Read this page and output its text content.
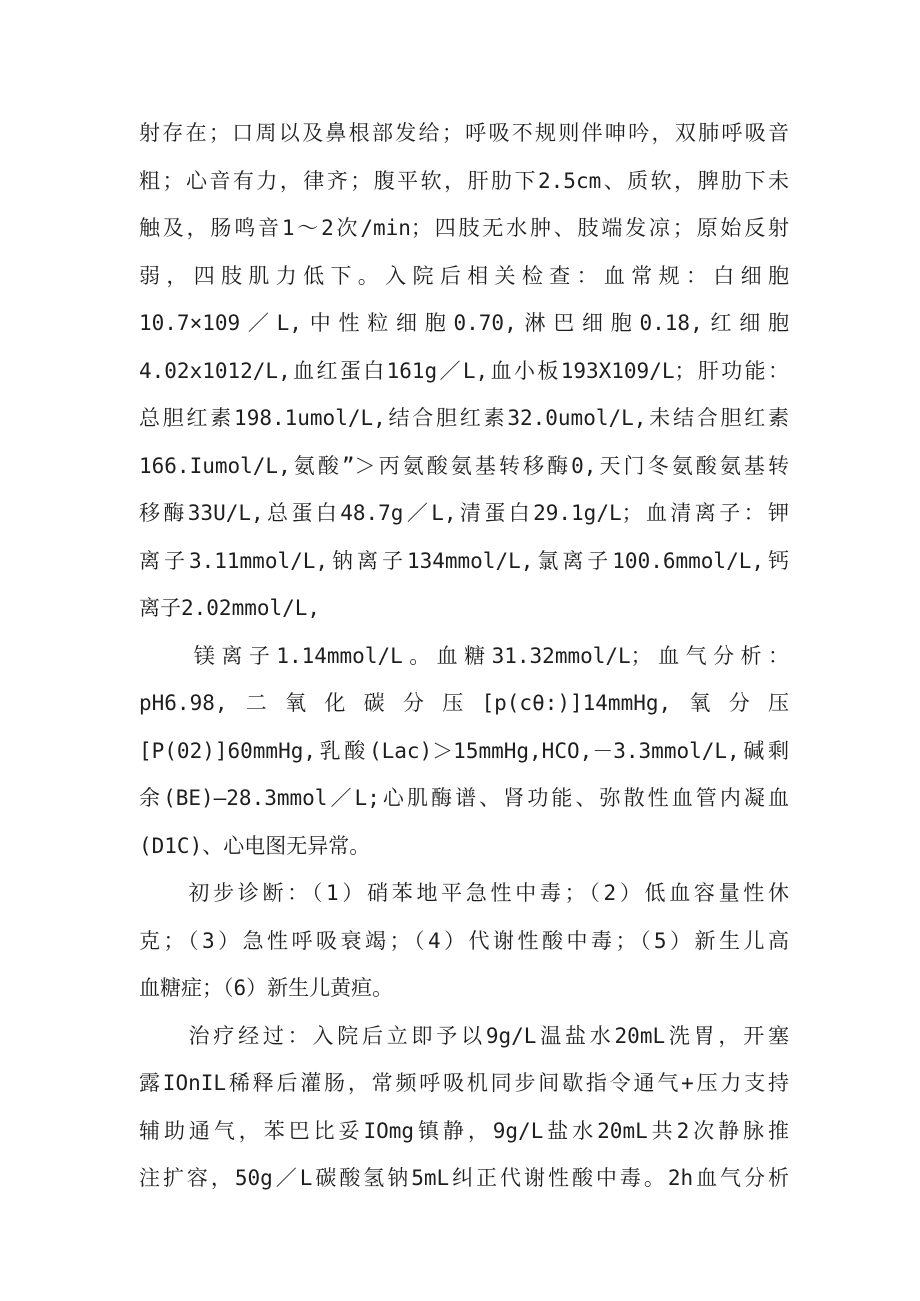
射存在；口周以及鼻根部发给；呼吸不规则伴呻吟，双肺呼吸音
粗；心音有力，律齐；腹平软，肝肋下2.5cm、质软，脾肋下未
触及，肠鸣音1～2次/min；四肢无水肿、肢端发凉；原始反射
弱，四肢肌力低下。入院后相关检查：血常规：白细胞
10.7×109／L,中性粒细胞0.70,淋巴细胞0.18,红细胞
4.02x1012/L,血红蛋白161g／L,血小板193X109/L；肝功能：
总胆红素198.1umol/L,结合胆红素32.0umol/L,未结合胆红素
166.Iumol/L,氨酸”＞丙氨酸氨基转移酶0,天门冬氨酸氨基转
移酶33U/L,总蛋白48.7g／L,清蛋白29.1g/L；血清离子：钾
离子3.11mmol/L,钠离子134mmol/L,氯离子100.6mmol/L,钙
离子2.02mmol/L,
　　镁离子1.14mmol/L。血糖31.32mmol/L；血气分析：
pH6.98,二氧化碳分压[p(cθ:)]14mmHg,氧分压
[P(02)]60mmHg,乳酸(Lac)＞15mmHg,HCO,－3.3mmol/L,碱剩
余(BE)—28.3mmol／L;心肌酶谱、肾功能、弥散性血管内凝血
(D1C)、心电图无异常。
　　初步诊断：（1）硝苯地平急性中毒；（2）低血容量性休
克；（3）急性呼吸衰竭；（4）代谢性酸中毒；（5）新生儿高
血糖症；（6）新生儿黄疸。
　　治疗经过：入院后立即予以9g/L温盐水20mL洗胃，开塞
露IOnIL稀释后灌肠，常频呼吸机同步间歇指令通气+压力支持
辅助通气，苯巴比妥IOmg镇静，9g/L盐水20mL共2次静脉推
注扩容，50g／L碳酸氢钠5mL纠正代谢性酸中毒。2h血气分析
